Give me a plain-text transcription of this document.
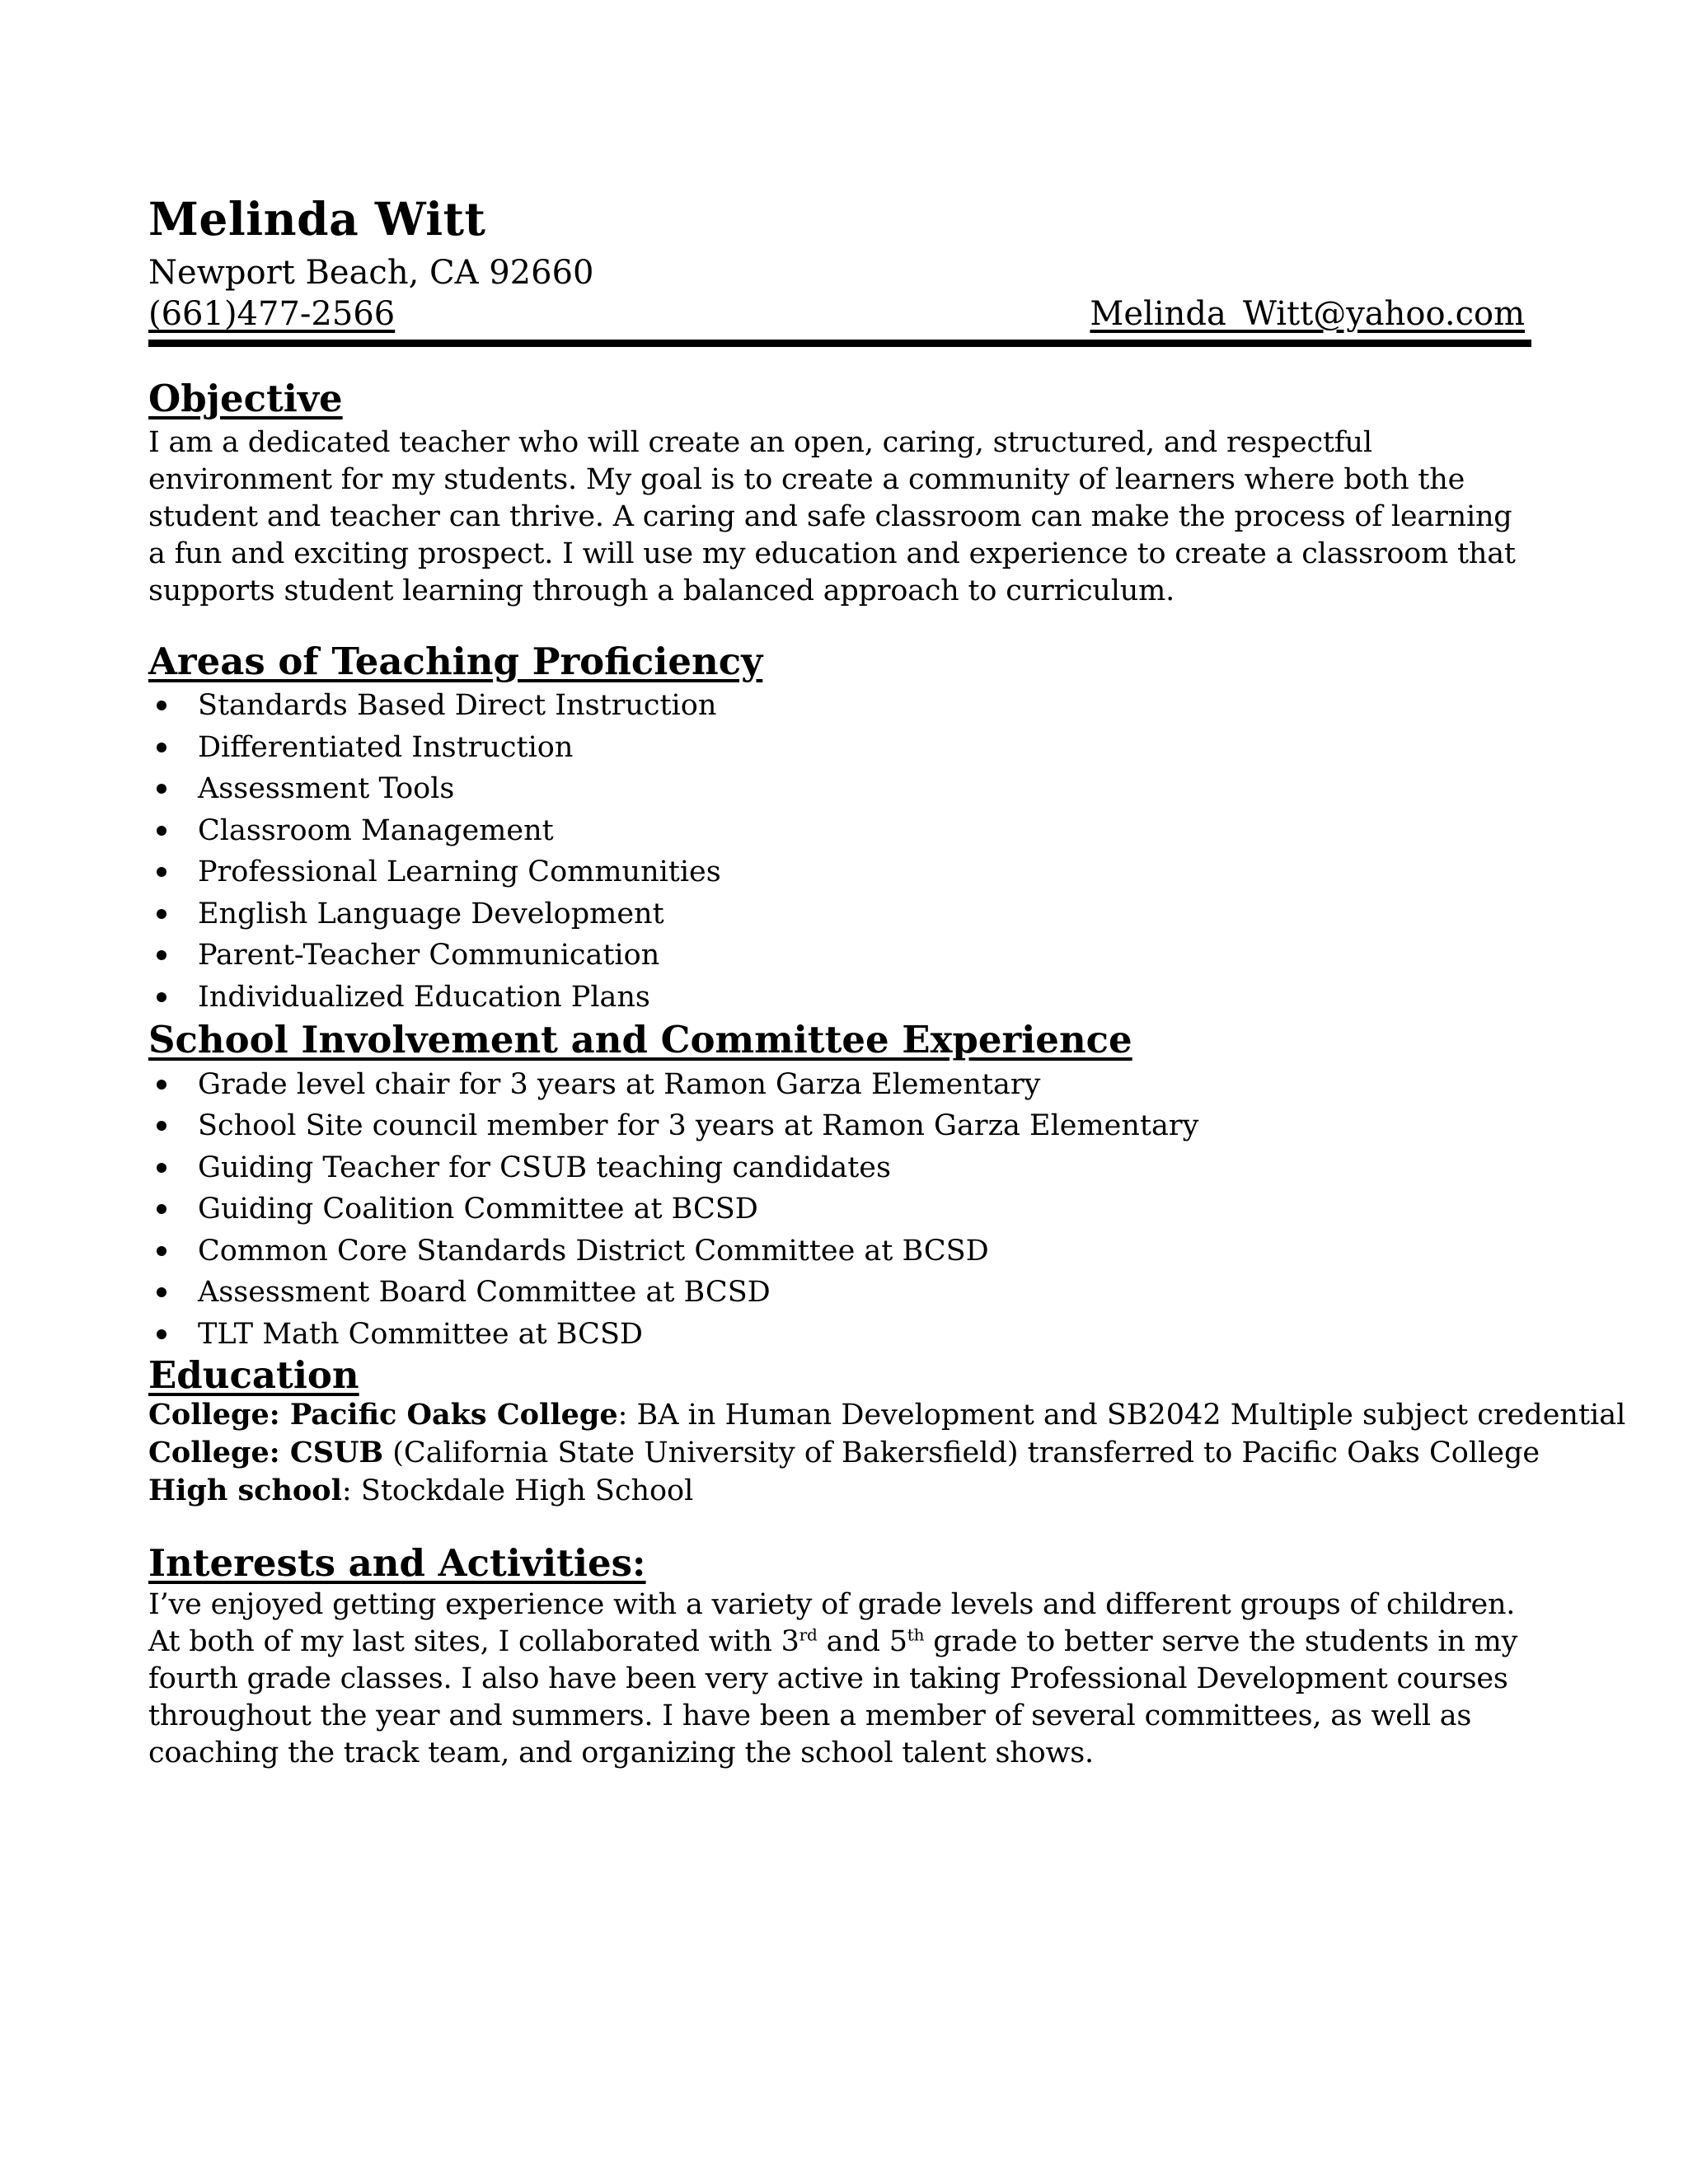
Melinda Witt
Newport Beach, CA 92660
(661)477-2566	Melinda_Witt@yahoo.com
Objective

I am a dedicated teacher who will create an open, caring, structured, and respectful environment for my students. My goal is to create a community of learners where both the student and teacher can thrive. A caring and safe classroom can make the process of learning a fun and exciting prospect. I will use my education and experience to create a classroom that supports student learning through a balanced approach to curriculum.

Areas of Teaching Proficiency
Standards Based Direct Instruction
Differentiated Instruction
Assessment Tools
Classroom Management
Professional Learning Communities
English Language Development
Parent-Teacher Communication
Individualized Education Plans
School Involvement and Committee Experience
Grade level chair for 3 years at Ramon Garza Elementary
School Site council member for 3 years at Ramon Garza Elementary
Guiding Teacher for CSUB teaching candidates
Guiding Coalition Committee at BCSD
Common Core Standards District Committee at BCSD
Assessment Board Committee at BCSD
TLT Math Committee at BCSD
Education
College: Pacific Oaks College: BA in Human Development and SB2042 Multiple subject credential
College: CSUB (California State University of Bakersfield) transferred to Pacific Oaks College
High school: Stockdale High School
Interests and Activities:

I’ve enjoyed getting experience with a variety of grade levels and different groups of children. At both of my last sites, I collaborated with 3rd and 5th grade to better serve the students in my fourth grade classes. I also have been very active in taking Professional Development courses throughout the year and summers. I have been a member of several committees, as well as coaching the track team, and organizing the school talent shows.
